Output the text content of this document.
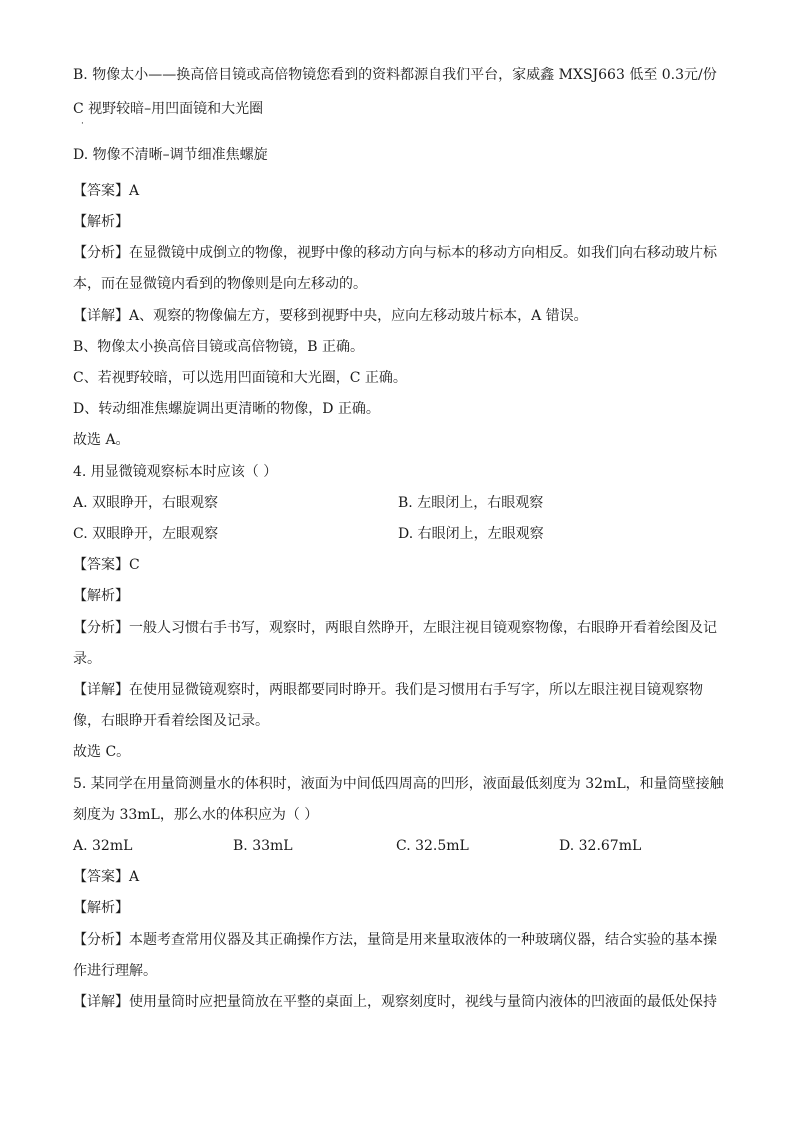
B. 物像太小——换高倍目镜或高倍物镜您看到的资料都源自我们平台，家威鑫 MXSJ663 低至 0.3元/份
C 视野较暗–用凹面镜和大光圈
·
D. 物像不清晰–调节细准焦螺旋
【答案】A
【解析】
【分析】在显微镜中成倒立的物像，视野中像的移动方向与标本的移动方向相反。如我们向右移动玻片标
本，而在显微镜内看到的物像则是向左移动的。
【详解】A、观察的物像偏左方，要移到视野中央，应向左移动玻片标本，A 错误。
B、物像太小换高倍目镜或高倍物镜，B 正确。
C、若视野较暗，可以选用凹面镜和大光圈，C 正确。
D、转动细准焦螺旋调出更清晰的物像，D 正确。
故选 A。
4. 用显微镜观察标本时应该（ ）
A. 双眼睁开，右眼观察	B. 左眼闭上，右眼观察
C. 双眼睁开，左眼观察	D. 右眼闭上，左眼观察
【答案】C
【解析】
【分析】一般人习惯右手书写，观察时，两眼自然睁开，左眼注视目镜观察物像，右眼睁开看着绘图及记
录。
【详解】在使用显微镜观察时，两眼都要同时睁开。我们是习惯用右手写字，所以左眼注视目镜观察物
像，右眼睁开看着绘图及记录。
故选 C。
5. 某同学在用量筒测量水的体积时，液面为中间低四周高的凹形，液面最低刻度为 32mL，和量筒壁接触
刻度为 33mL，那么水的体积应为（ ）
A. 32mL	B. 33mL	C. 32.5mL	D. 32.67mL
【答案】A
【解析】
【分析】本题考查常用仪器及其正确操作方法，量筒是用来量取液体的一种玻璃仪器，结合实验的基本操
作进行理解。
【详解】使用量筒时应把量筒放在平整的桌面上，观察刻度时，视线与量筒内液体的凹液面的最低处保持
